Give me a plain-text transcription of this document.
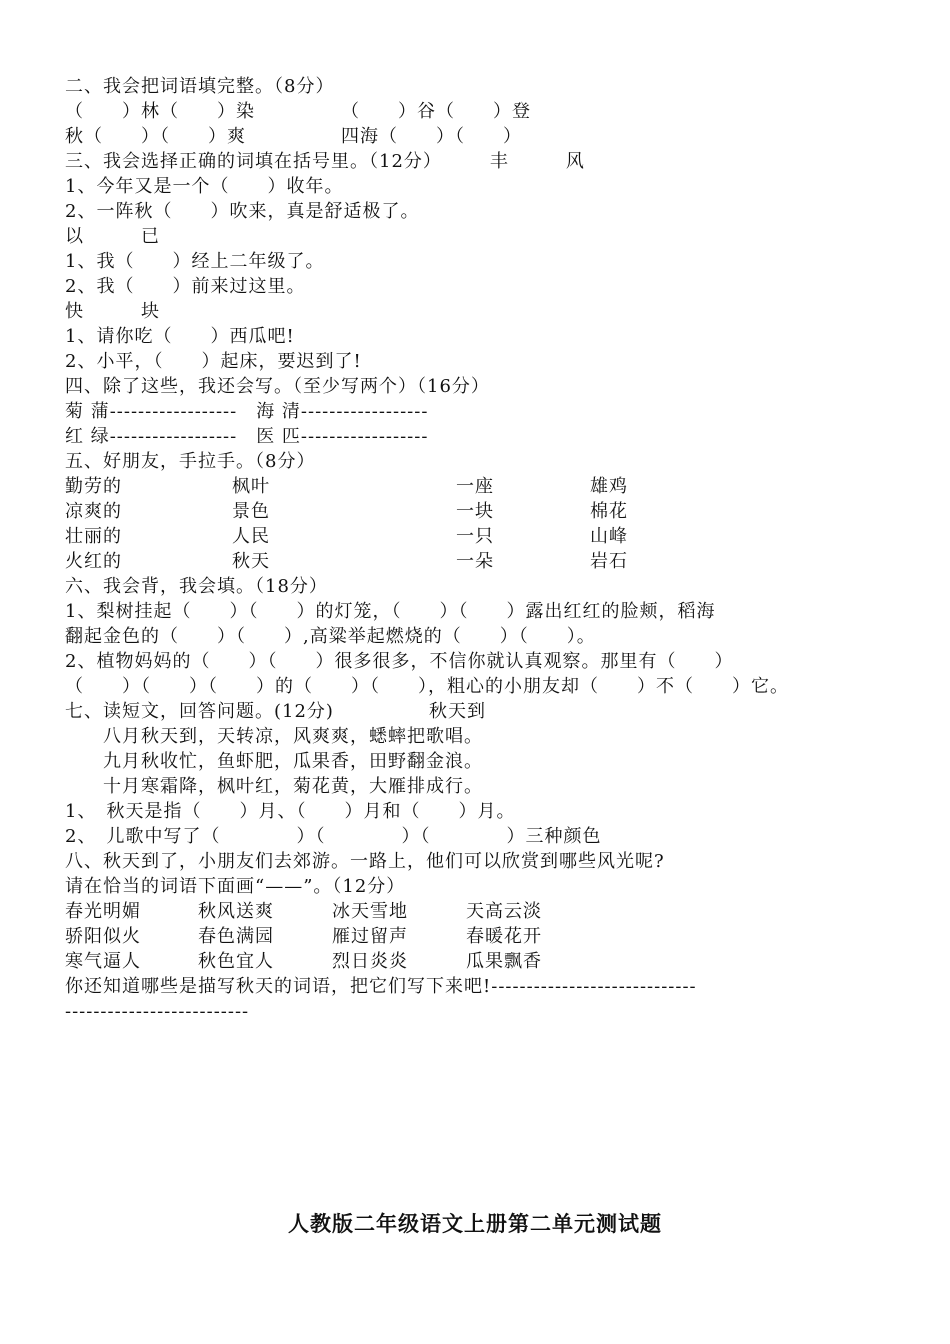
二、我会把词语填完整。（8分）
（　　）林（　　）染　　　　　（　　）谷（　　）登
秋（　　）（　　）爽　　　　　四海（　　）（　　）
三、我会选择正确的词填在括号里。（12分）　　　丰　　　风
1、今年又是一个（　　）收年。
2、一阵秋（　　）吹来，真是舒适极了。
以　　　已
1、我（　　）经上二年级了。
2、我（　　）前来过这里。
快　　　块
1、请你吃（　　）西瓜吧!
2、小平，（　　）起床，要迟到了!
四、除了这些，我还会写。（至少写两个）（16分）
菊 蒲------------------　海 清------------------
红 绿------------------　医 匹------------------
五、好朋友，手拉手。（8分）
勤劳的	枫叶	一座	雄鸡
凉爽的	景色	一块	棉花
壮丽的	人民	一只	山峰
火红的	秋天	一朵	岩石
六、我会背，我会填。（18分）
1、梨树挂起（　　）（　　）的灯笼，（　　）（　　）露出红红的脸颊，稻海
翻起金色的（　　）（　　）,高粱举起燃烧的（　　）（　　）。
2、植物妈妈的（　　）（　　）很多很多，不信你就认真观察。那里有（　　）
（　　）（　　）（　　）的（　　）（　　），粗心的小朋友却（　　）不（　　）它。
七、读短文，回答问题。(12分)　　　　　秋天到
　　八月秋天到，天转凉，风爽爽，蟋蟀把歌唱。
　　九月秋收忙，鱼虾肥，瓜果香，田野翻金浪。
　　十月寒霜降，枫叶红，菊花黄，大雁排成行。
1、　秋天是指（　　）月、（　　）月和（　　）月。
2、　儿歌中写了（　　　　）（　　　　）（　　　　）三种颜色
八、秋天到了，小朋友们去郊游。一路上，他们可以欣赏到哪些风光呢?
请在恰当的词语下面画“——”。（12分）
春光明媚	秋风送爽	冰天雪地	天高云淡
骄阳似火	春色满园	雁过留声	春暖花开
寒气逼人	秋色宜人	烈日炎炎	瓜果飘香
你还知道哪些是描写秋天的词语，把它们写下来吧!-----------------------------
--------------------------
人教版二年级语文上册第二单元测试题
